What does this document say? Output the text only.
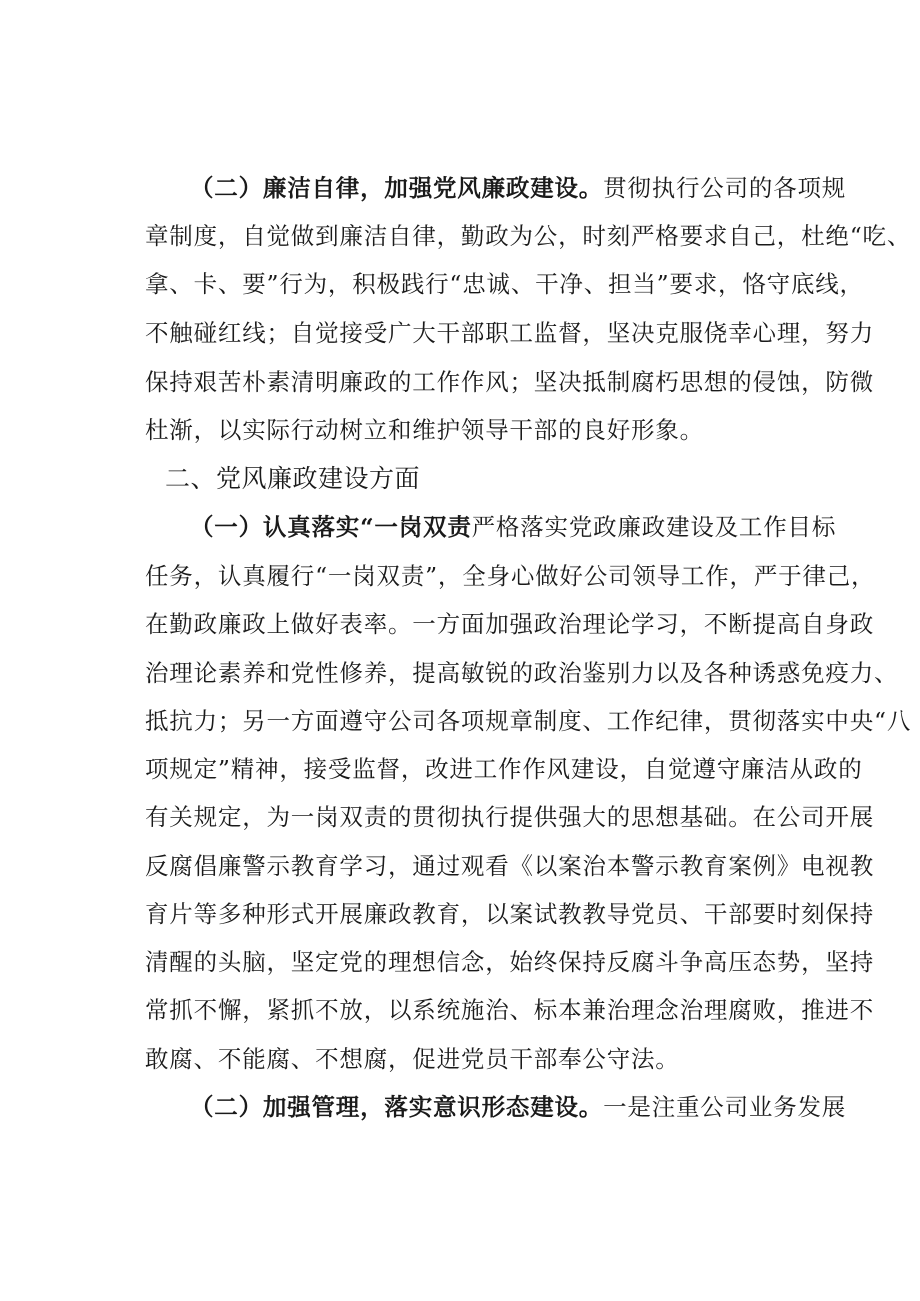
（二）廉洁自律，加强党风廉政建设。贯彻执行公司的各项规
章制度，自觉做到廉洁自律，勤政为公，时刻严格要求自己，杜绝“吃、
拿、卡、要”行为，积极践行“忠诚、干净、担当”要求，恪守底线，
不触碰红线；自觉接受广大干部职工监督，坚决克服侥幸心理，努力
保持艰苦朴素清明廉政的工作作风；坚决抵制腐朽思想的侵蚀，防微
杜渐，以实际行动树立和维护领导干部的良好形象。
二、党风廉政建设方面
（一）认真落实“一岗双责严格落实党政廉政建设及工作目标
任务，认真履行“一岗双责”，全身心做好公司领导工作，严于律己，
在勤政廉政上做好表率。一方面加强政治理论学习，不断提高自身政
治理论素养和党性修养，提高敏锐的政治鉴别力以及各种诱惑免疫力、
抵抗力；另一方面遵守公司各项规章制度、工作纪律，贯彻落实中央“八
项规定”精神，接受监督，改进工作作风建设，自觉遵守廉洁从政的
有关规定，为一岗双责的贯彻执行提供强大的思想基础。在公司开展
反腐倡廉警示教育学习，通过观看《以案治本警示教育案例》电视教
育片等多种形式开展廉政教育，以案试教教导党员、干部要时刻保持
清醒的头脑，坚定党的理想信念，始终保持反腐斗争高压态势，坚持
常抓不懈，紧抓不放，以系统施治、标本兼治理念治理腐败，推进不
敢腐、不能腐、不想腐，促进党员干部奉公守法。
（二）加强管理，落实意识形态建设。一是注重公司业务发展
